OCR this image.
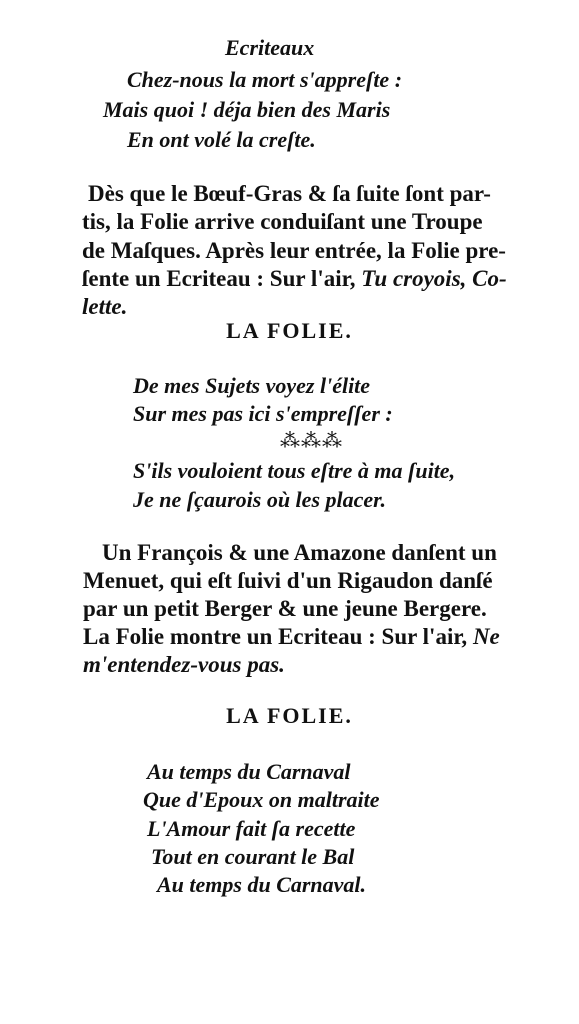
Ecriteaux
Chez-nous la mort s'appreſte :
Mais quoi ! déja bien des Maris
En ont volé la creſte.
Dès que le Bœuf-Gras & ſa ſuite ſont par-
tis, la Folie arrive conduiſant une Troupe
de Maſques. Après leur entrée, la Folie pre-
ſente un Ecriteau : Sur l'air, Tu croyois, Co-
lette.
LA FOLIE.
De mes Sujets voyez l'élite
Sur mes pas ici s'empreſſer :
⁂⁂⁂
S'ils vouloient tous eſtre à ma ſuite,
Je ne ſçaurois où les placer.
Un François & une Amazone danſent un
Menuet, qui eſt ſuivi d'un Rigaudon danſé
par un petit Berger & une jeune Bergere.
La Folie montre un Ecriteau : Sur l'air, Ne
m'entendez-vous pas.
LA FOLIE.
Au temps du Carnaval
Que d'Epoux on maltraite
L'Amour fait ſa recette
Tout en courant le Bal
Au temps du Carnaval.
